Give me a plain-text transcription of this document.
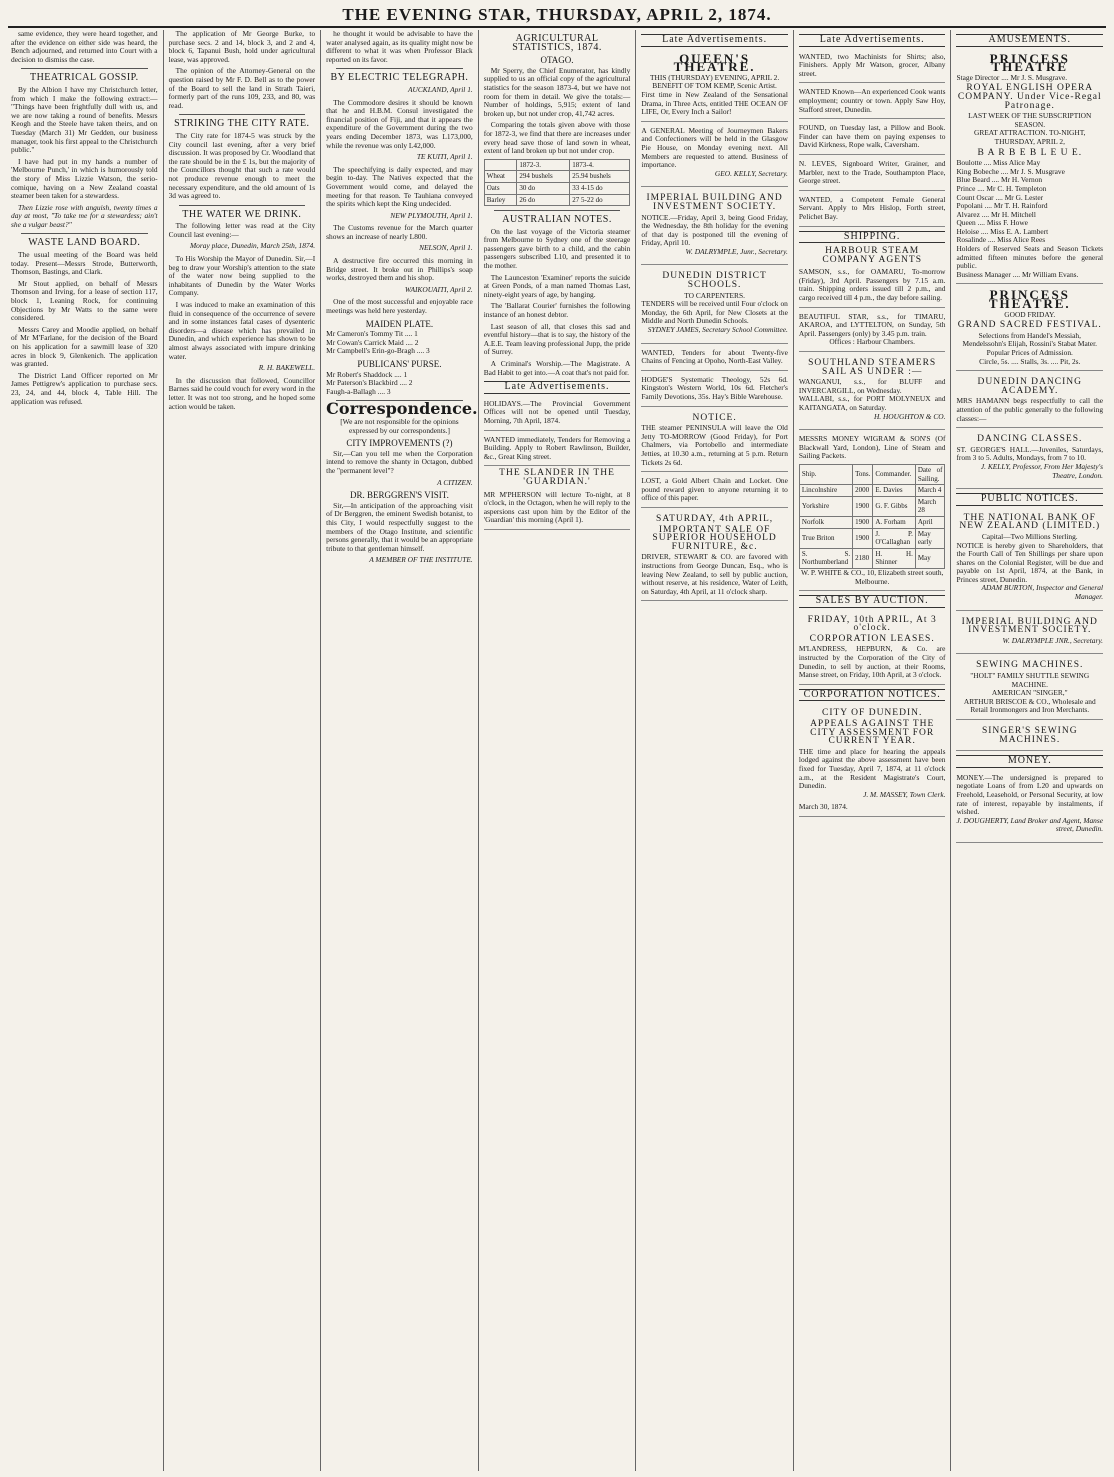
THE EVENING STAR, THURSDAY, APRIL 2, 1874.

same evidence, they were heard together, and after the evidence on either side was heard, the Bench adjourned, and returned into Court with a decision to dismiss the case.

THEATRICAL GOSSIP.

By the Albion I have my Christchurch letter, from which I make the following extract:— "Things have been frightfully dull with us, and we are now taking a round of benefits. Messrs Keogh and the Steele have taken theirs, and on Tuesday (March 31) Mr Gedden, our business manager, took his first appeal to the Christchurch public."

I have had put in my hands a number of 'Melbourne Punch,' in which is humorously told the story of Miss Lizzie Watson, the serio-comique, having on a New Zealand coastal steamer been taken for a stewardess.

Then Lizzie rose with anguish, twenty times a day at most, "To take me for a stewardess; ain't she a vulgar beast?"

WASTE LAND BOARD.

The usual meeting of the Board was held today. Present—Messrs Strode, Butterworth, Thomson, Bastings, and Clark.

Mr Stout applied, on behalf of Messrs Thomson and Irving, for a lease of section 117, block 1, Leaning Rock, for continuing Objections by Mr Watts to the same were considered.

Messrs Carey and Moodie applied, on behalf of Mr M'Farlane, for the decision of the Board on his application for a sawmill lease of 320 acres in block 9, Glenkenich. The application was granted.

The District Land Officer reported on Mr James Pettigrew's application to purchase secs. 23, 24, and 44, block 4, Table Hill. The application was refused.

The application of Mr George Burke, to purchase secs. 2 and 14, block 3, and 2 and 4, block 6, Tapanui Bush, hold under agricultural lease, was approved.

The opinion of the Attorney-General on the question raised by Mr F. D. Bell as to the power of the Board to sell the land in Strath Taieri, formerly part of the runs 109, 233, and 80, was read.

STRIKING THE CITY RATE.

The City rate for 1874-5 was struck by the City council last evening, after a very brief discussion. It was proposed by Cr. Woodland that the rate should be in the £ 1s, but the majority of the Councillors thought that such a rate would not produce revenue enough to meet the necessary expenditure, and the old amount of 1s 3d was agreed to.

THE WATER WE DRINK.

The following letter was read at the City Council last evening:—

Moray place, Dunedin, March 25th, 1874.

To His Worship the Mayor of Dunedin. Sir,—I beg to draw your Worship's attention to the state of the water now being supplied to the inhabitants of Dunedin by the Water Works Company.

I was induced to make an examination of this fluid in consequence of the occurrence of severe and in some instances fatal cases of dysenteric disorders—a disease which has prevailed in Dunedin, and which experience has shown to be almost always associated with impure drinking water.

R. H. BAKEWELL.

In the discussion that followed, Councillor Barnes said he could vouch for every word in the letter. It was not too strong, and he hoped some action would be taken.

he thought it would be advisable to have the water analysed again, as its quality might now be different to what it was when Professor Black reported on its favor.

BY ELECTRIC TELEGRAPH.
AUCKLAND, April 1.

The Commodore desires it should be known that he and H.B.M. Consul investigated the financial position of Fiji, and that it appears the expenditure of the Government during the two years ending December 1873, was L173,000, while the revenue was only L42,000.

TE KUITI, April 1.

The speechifying is daily expected, and may begin to-day. The Natives expected that the Government would come, and delayed the meeting for that reason. Te Tauhiana conveyed the spirits which kept the King undecided.

NEW PLYMOUTH, April 1.

The Customs revenue for the March quarter shows an increase of nearly L800.

NELSON, April 1.

A destructive fire occurred this morning in Bridge street. It broke out in Phillips's soap works, destroyed them and his shop.

WAIKOUAITI, April 2.

One of the most successful and enjoyable race meetings was held here yesterday.

MAIDEN PLATE.
Mr Cameron's Tommy Tit .... 1
Mr Cowan's Carrick Maid .... 2
Mr Campbell's Erin-go-Bragh .... 3
PUBLICANS' PURSE.
Mr Robert's Shaddock .... 1
Mr Paterson's Blackbird .... 2
Faugh-a-Ballagh .... 3
Correspondence.

[We are not responsible for the opinions expressed by our correspondents.]

CITY IMPROVEMENTS (?)

Sir,—Can you tell me when the Corporation intend to remove the shanty in Octagon, dubbed the "permanent level"?

A CITIZEN.
DR. BERGGREN'S VISIT.

Sir,—In anticipation of the approaching visit of Dr Berggren, the eminent Swedish botanist, to this City, I would respectfully suggest to the members of the Otago Institute, and scientific persons generally, that it would be an appropriate tribute to that gentleman himself.

A MEMBER OF THE INSTITUTE.
AGRICULTURAL STATISTICS, 1874.
OTAGO.

Mr Sperry, the Chief Enumerator, has kindly supplied to us an official copy of the agricultural statistics for the season 1873-4, but we have not room for them in detail. We give the totals:—Number of holdings, 5,915; extent of land broken up, but not under crop, 41,742 acres.

Comparing the totals given above with those for 1872-3, we find that there are increases under every head save those of land sown in wheat, extent of land broken up but not under crop.

	1872-3.	1873-4.
Wheat	294 bushels	25.94 bushels
Oats	30 do	33 4-15 do
Barley	26 do	27 5-22 do
AUSTRALIAN NOTES.

On the last voyage of the Victoria steamer from Melbourne to Sydney one of the steerage passengers gave birth to a child, and the cabin passengers subscribed L10, and presented it to the mother.

The Launceston 'Examiner' reports the suicide at Green Ponds, of a man named Thomas Last, ninety-eight years of age, by hanging.

The 'Ballarat Courier' furnishes the following instance of an honest debtor.

Last season of all, that closes this sad and eventful history—that is to say, the history of the A.E.E. Team leaving professional Jupp, the pride of Surrey.

A Criminal's Worship.—The Magistrate. A Bad Habit to get into.—A coat that's not paid for.

Late Advertisements.
HOLIDAYS.—The Provincial Government Offices will not be opened until Tuesday, Morning, 7th April, 1874.
WANTED immediately, Tenders for Removing a Building. Apply to Robert Rawlinson, Builder, &c., Great King street.
THE SLANDER IN THE 'GUARDIAN.'
MR M'PHERSON will lecture To-night, at 8 o'clock, in the Octagon, when he will reply to the aspersions cast upon him by the Editor of the 'Guardian' this morning (April 1).
Late Advertisements.
QUEEN'S THEATRE.
THIS (THURSDAY) EVENING, APRIL 2.
BENEFIT OF TOM KEMP, Scenic Artist.
First time in New Zealand of the Sensational Drama, in Three Acts, entitled THE OCEAN OF LIFE, Or, Every Inch a Sailor!
A GENERAL Meeting of Journeymen Bakers and Confectioners will be held in the Glasgow Pie House, on Monday evening next. All Members are requested to attend. Business of importance.
GEO. KELLY, Secretary.
IMPERIAL BUILDING AND INVESTMENT SOCIETY.
NOTICE.—Friday, April 3, being Good Friday, the Wednesday, the 8th holiday for the evening of that day is postponed till the evening of Friday, April 10.
W. DALRYMPLE, Junr., Secretary.
DUNEDIN DISTRICT SCHOOLS.
TO CARPENTERS.
TENDERS will be received until Four o'clock on Monday, the 6th April, for New Closets at the Middle and North Dunedin Schools.
SYDNEY JAMES, Secretary School Committee.
WANTED, Tenders for about Twenty-five Chains of Fencing at Opoho, North-East Valley.
HODGE'S Systematic Theology, 52s 6d. Kingston's Western World, 10s 6d. Fletcher's Family Devotions, 35s. Hay's Bible Warehouse.
NOTICE.
THE steamer PENINSULA will leave the Old Jetty TO-MORROW (Good Friday), for Port Chalmers, via Portobello and intermediate Jetties, at 10.30 a.m., returning at 5 p.m. Return Tickets 2s 6d.
LOST, a Gold Albert Chain and Locket. One pound reward given to anyone returning it to office of this paper.
SATURDAY, 4th APRIL,
IMPORTANT SALE OF SUPERIOR HOUSEHOLD FURNITURE, &c.
DRIVER, STEWART & CO. are favored with instructions from George Duncan, Esq., who is leaving New Zealand, to sell by public auction, without reserve, at his residence, Water of Leith, on Saturday, 4th April, at 11 o'clock sharp.
Late Advertisements.
WANTED, two Machinists for Shirts; also, Finishers. Apply Mr Watson, grocer, Albany street.
WANTED Known—An experienced Cook wants employment; country or town. Apply Saw Hoy, Stafford street, Dunedin.
FOUND, on Tuesday last, a Pillow and Book. Finder can have them on paying expenses to David Kirkness, Rope walk, Caversham.
N. LEVES, Signboard Writer, Grainer, and Marbler, next to the Trade, Southampton Place, George street.
WANTED, a Competent Female General Servant. Apply to Mrs Hislop, Forth street, Pelichet Bay.
SHIPPING.
HARBOUR STEAM COMPANY AGENTS
SAMSON, s.s., for OAMARU, To-morrow (Friday), 3rd April. Passengers by 7.15 a.m. train. Shipping orders issued till 2 p.m., and cargo received till 4 p.m., the day before sailing.
BEAUTIFUL STAR, s.s., for TIMARU, AKAROA, and LYTTELTON, on Sunday, 5th April. Passengers (only) by 3.45 p.m. train.
Offices : Harbour Chambers.
SOUTHLAND STEAMERS SAIL AS UNDER :—
WANGANUI, s.s., for BLUFF and INVERCARGILL, on Wednesday.
WALLABI, s.s., for PORT MOLYNEUX and KAITANGATA, on Saturday.
H. HOUGHTON & CO.
MESSRS MONEY WIGRAM & SON'S (Of Blackwall Yard, London), Line of Steam and Sailing Packets.
Ship.	Tons.	Commander.	Date of Sailing.
Lincolnshire	2000	E. Davies	March 4
Yorkshire	1900	G. F. Gibbs	March 28
Norfolk	1900	A. Forham	April
True Briton	1900	J. P. O'Callaghan	May early
S. S. Northumberland	2180	H. H. Shinner	May
W. P. WHITE & CO., 10, Elizabeth street south, Melbourne.
SALES BY AUCTION.
FRIDAY, 10th APRIL, At 3 o'clock.
CORPORATION LEASES.
M'LANDRESS, HEPBURN, & Co. are instructed by the Corporation of the City of Dunedin, to sell by auction, at their Rooms, Manse street, on Friday, 10th April, at 3 o'clock.
CORPORATION NOTICES.
CITY OF DUNEDIN.
APPEALS AGAINST THE CITY ASSESSMENT FOR CURRENT YEAR.
THE time and place for hearing the appeals lodged against the above assessment have been fixed for Tuesday, April 7, 1874, at 11 o'clock a.m., at the Resident Magistrate's Court, Dunedin.
J. M. MASSEY, Town Clerk.
March 30, 1874.
AMUSEMENTS.
PRINCESS THEATRE
Stage Director .... Mr J. S. Musgrave.
ROYAL ENGLISH OPERA COMPANY. Under Vice-Regal Patronage.
LAST WEEK OF THE SUBSCRIPTION SEASON.
GREAT ATTRACTION. TO-NIGHT, THURSDAY, APRIL 2,
B A R B E B L E U E.
Boulotte .... Miss Alice May
King Bobeche .... Mr J. S. Musgrave
Blue Beard .... Mr H. Vernon
Prince .... Mr C. H. Templeton
Count Oscar .... Mr G. Lester
Popolani .... Mr T. H. Rainford
Alvarez .... Mr H. Mitchell
Queen .... Miss F. Howe
Heloise .... Miss E. A. Lambert
Rosalinde .... Miss Alice Rees
Holders of Reserved Seats and Season Tickets admitted fifteen minutes before the general public.
Business Manager .... Mr William Evans.
PRINCESS THEATRE.
GOOD FRIDAY.
GRAND SACRED FESTIVAL.
Selections from Handel's Messiah, Mendelssohn's Elijah, Rossini's Stabat Mater.
Popular Prices of Admission.
Circle, 5s. .... Stalls, 3s. .... Pit, 2s.
DUNEDIN DANCING ACADEMY.
MRS HAMANN begs respectfully to call the attention of the public generally to the following classes:—
DANCING CLASSES.
ST. GEORGE'S HALL.—Juveniles, Saturdays, from 3 to 5. Adults, Mondays, from 7 to 10.
J. KELLY, Professor, From Her Majesty's Theatre, London.
PUBLIC NOTICES.
THE NATIONAL BANK OF NEW ZEALAND (LIMITED.)
Capital—Two Millions Sterling.
NOTICE is hereby given to Shareholders, that the Fourth Call of Ten Shillings per share upon shares on the Colonial Register, will be due and payable on 1st April, 1874, at the Bank, in Princes street, Dunedin.
ADAM BURTON, Inspector and General Manager.
IMPERIAL BUILDING AND INVESTMENT SOCIETY.
W. DALRYMPLE JNR., Secretary.
SEWING MACHINES.
"HOLT" FAMILY SHUTTLE SEWING MACHINE.
AMERICAN "SINGER,"
ARTHUR BRISCOE & CO., Wholesale and Retail Ironmongers and Iron Merchants.
SINGER'S SEWING MACHINES.
MONEY.
MONEY.—The undersigned is prepared to negotiate Loans of from L20 and upwards on Freehold, Leasehold, or Personal Security, at low rate of interest, repayable by instalments, if wished.
J. DOUGHERTY, Land Broker and Agent, Manse street, Dunedin.
